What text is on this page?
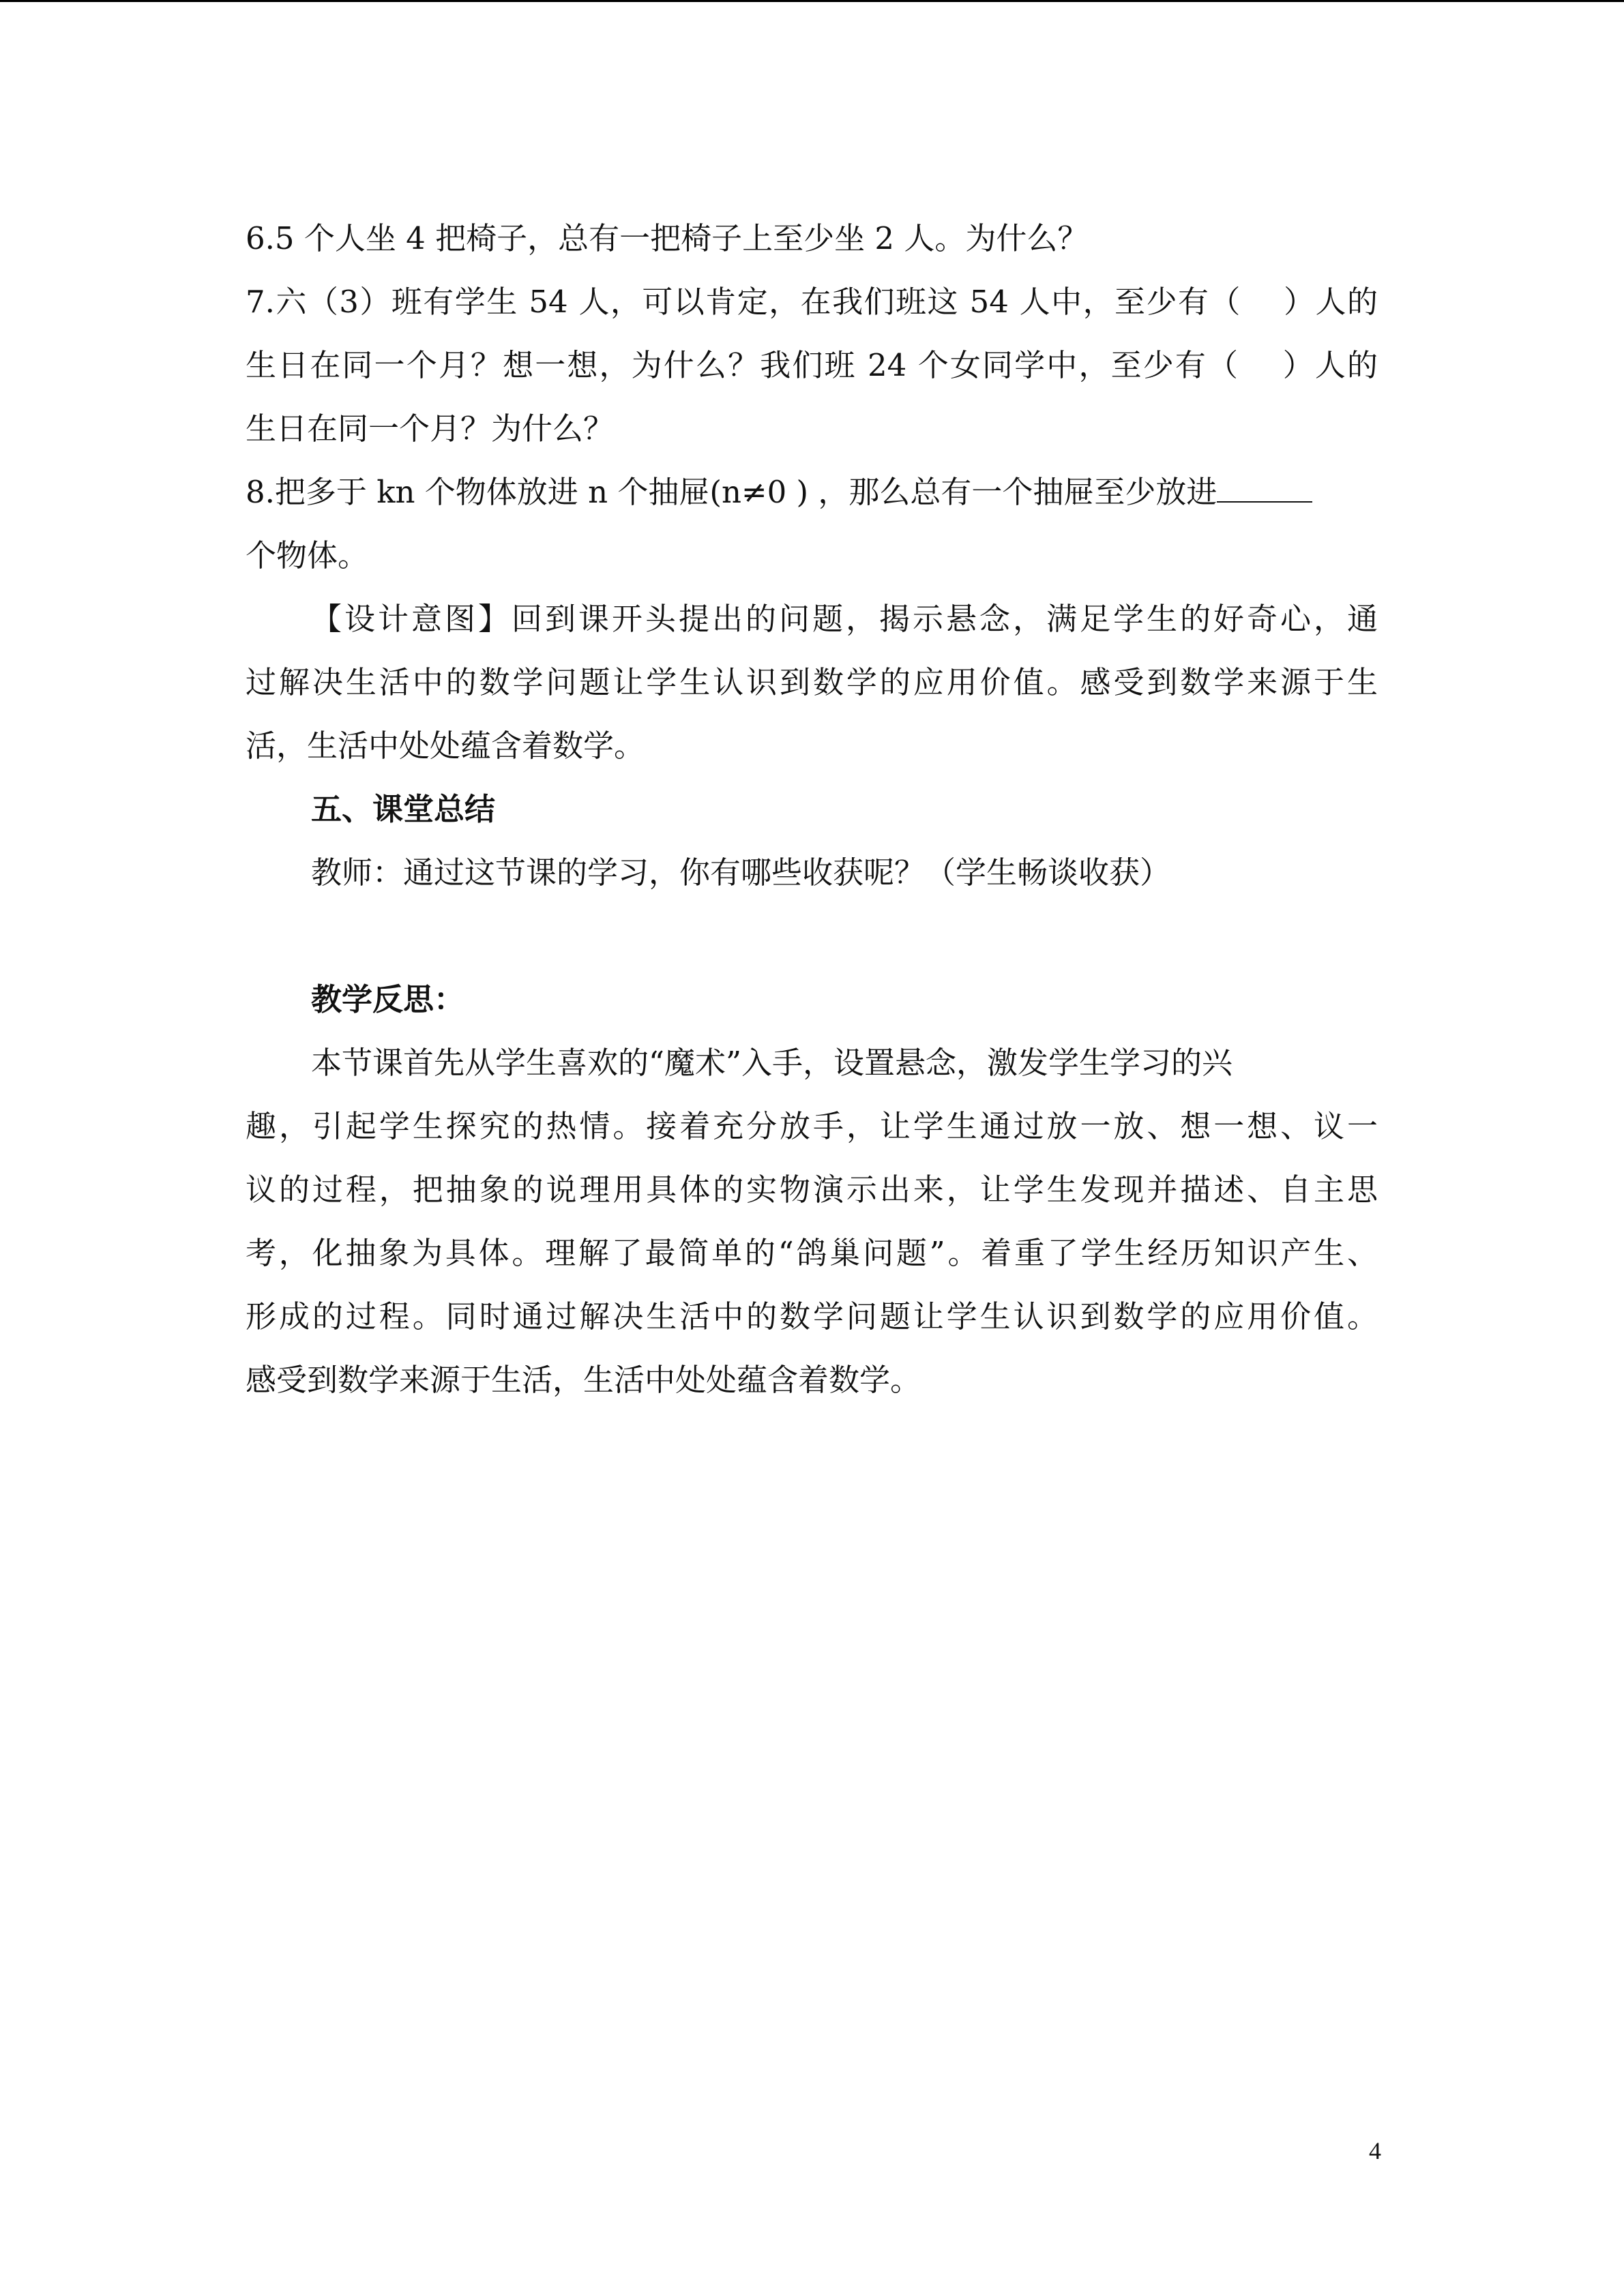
6.5 个人坐 4 把椅子，总有一把椅子上至少坐 2 人。为什么？
7.六（3）班有学生 54 人，可以肯定，在我们班这 54 人中，至少有（　 ）人的
生日在同一个月？想一想，为什么？我们班 24 个女同学中，至少有（　 ）人的
生日在同一个月？为什么？
8.把多于 kn 个物体放进 n 个抽屉(n≠0 ) ，那么总有一个抽屉至少放进
个物体。
【设计意图】回到课开头提出的问题，揭示悬念，满足学生的好奇心，通
过解决生活中的数学问题让学生认识到数学的应用价值。感受到数学来源于生
活，生活中处处蕴含着数学。
五、课堂总结
教师：通过这节课的学习，你有哪些收获呢？（学生畅谈收获）
教学反思：
本节课首先从学生喜欢的“魔术”入手，设置悬念，激发学生学习的兴
趣，引起学生探究的热情。接着充分放手，让学生通过放一放、想一想、议一
议的过程，把抽象的说理用具体的实物演示出来，让学生发现并描述、自主思
考，化抽象为具体。理解了最简单的“鸽巢问题”。着重了学生经历知识产生、
形成的过程。同时通过解决生活中的数学问题让学生认识到数学的应用价值。
感受到数学来源于生活，生活中处处蕴含着数学。
4
